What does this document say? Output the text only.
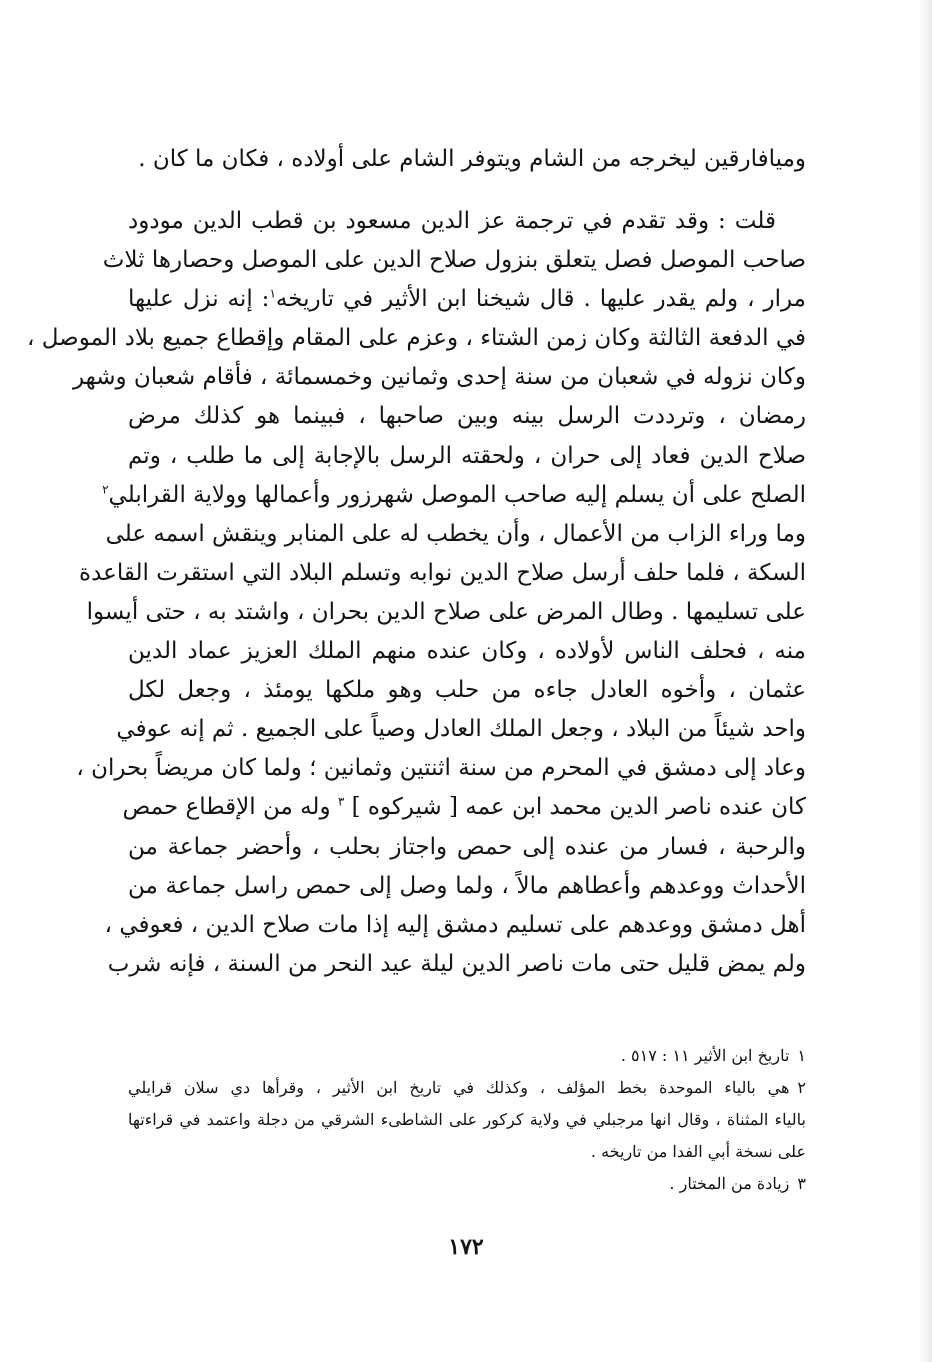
وميافارقين ليخرجه من الشام ويتوفر الشام على أولاده ، فكان ما كان .
قلت : وقد تقدم في ترجمة عز الدين مسعود بن قطب الدين مودود
صاحب الموصل فصل يتعلق بنزول صلاح الدين على الموصل وحصارها ثلاث
مرار ، ولم يقدر عليها . قال شيخنا ابن الأثير في تاريخه$^١$: إنه نزل عليها
في الدفعة الثالثة وكان زمن الشتاء ، وعزم على المقام وإقطاع جميع بلاد الموصل ،
وكان نزوله في شعبان من سنة إحدى وثمانين وخمسمائة ، فأقام شعبان وشهر
رمضان ، وترددت الرسل بينه وبين صاحبها ، فبينما هو كذلك مرض
صلاح الدين فعاد إلى حران ، ولحقته الرسل بالإجابة إلى ما طلب ، وتم
الصلح على أن يسلم إليه صاحب الموصل شهرزور وأعمالها وولاية القرابلي$^٢$
وما وراء الزاب من الأعمال ، وأن يخطب له على المنابر وينقش اسمه على
السكة ، فلما حلف أرسل صلاح الدين نوابه وتسلم البلاد التي استقرت القاعدة
على تسليمها . وطال المرض على صلاح الدين بحران ، واشتد به ، حتى أيسوا
منه ، فحلف الناس لأولاده ، وكان عنده منهم الملك العزيز عماد الدين
عثمان ، وأخوه العادل جاءه من حلب وهو ملكها يومئذ ، وجعل لكل
واحد شيئاً من البلاد ، وجعل الملك العادل وصياً على الجميع . ثم إنه عوفي
وعاد إلى دمشق في المحرم من سنة اثنتين وثمانين ؛ ولما كان مريضاً بحران ،
كان عنده ناصر الدين محمد ابن عمه [ شيركوه ] $^٣$ وله من الإقطاع حمص
والرحبة ، فسار من عنده إلى حمص واجتاز بحلب ، وأحضر جماعة من
الأحداث ووعدهم وأعطاهم مالاً ، ولما وصل إلى حمص راسل جماعة من
أهل دمشق ووعدهم على تسليم دمشق إليه إذا مات صلاح الدين ، فعوفي ،
ولم يمض قليل حتى مات ناصر الدين ليلة عيد النحر من السنة ، فإنه شرب
١تاريخ ابن الأثير ١١ : ٥١٧ .
٢هي بالياء الموحدة بخط المؤلف ، وكذلك في تاريخ ابن الأثير ، وقرأها دي سلان قرايلي
بالياء المثناة ، وقال انها مرجبلي في ولاية كركور على الشاطىء الشرقي من دجلة واعتمد في قراءتها
على نسخة أبي الفدا من تاريخه .
٣زيادة من المختار .
١٧٢
